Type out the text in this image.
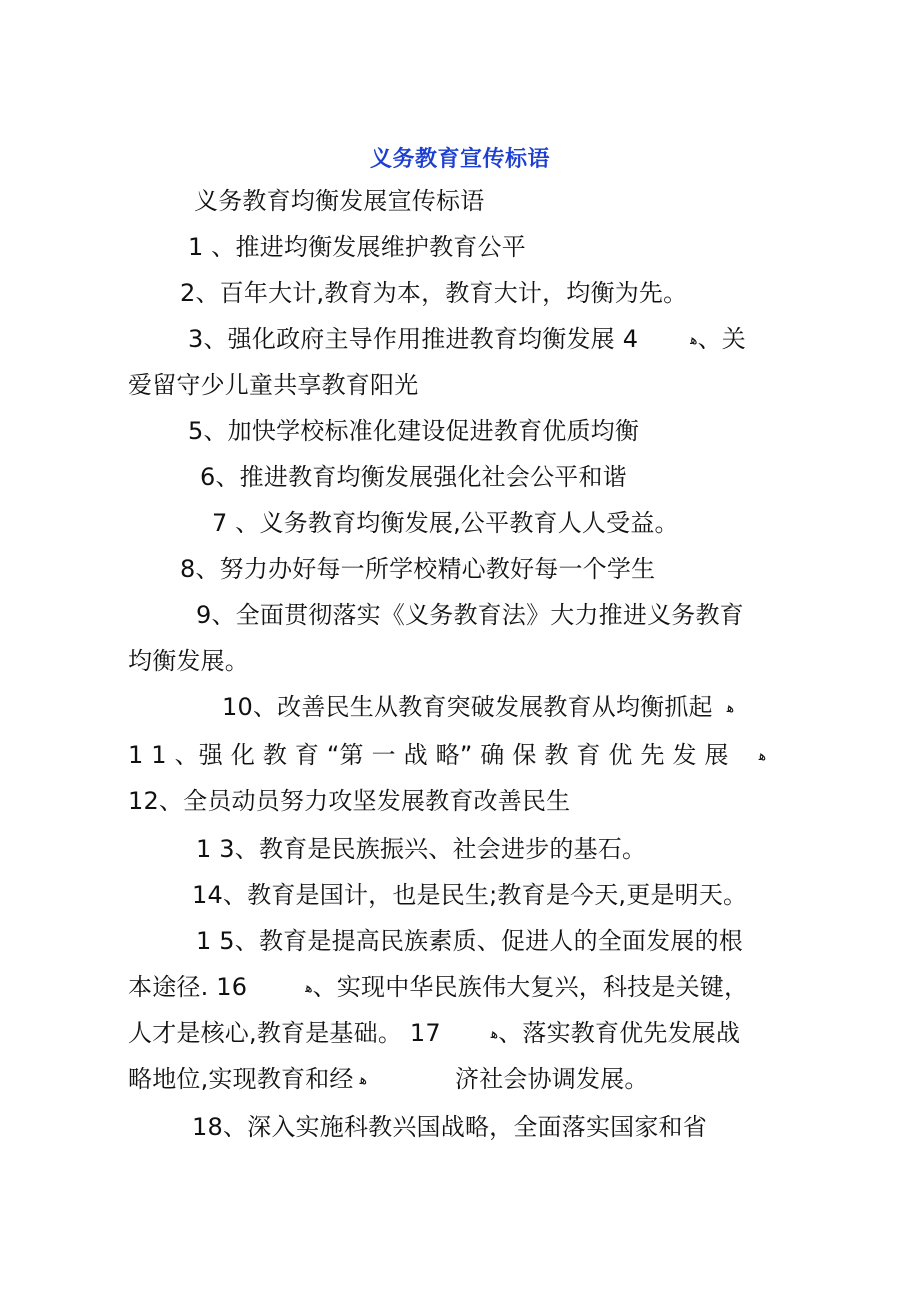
义务教育宣传标语
义务教育均衡发展宣传标语
1 、推进均衡发展维护教育公平
2、百年大计,教育为本，教育大计，均衡为先。
3、强化政府主导作用推进教育均衡发展 4	ﻫ、关
爱留守少儿童共享教育阳光
5、加快学校标准化建设促进教育优质均衡
6、推进教育均衡发展强化社会公平和谐
7 、义务教育均衡发展,公平教育人人受益。
8、努力办好每一所学校精心教好每一个学生
9、全面贯彻落实《义务教育法》大力推进义务教育
均衡发展。
10、改善民生从教育突破发展教育从均衡抓起 ﻫ
1 1 、强 化 教 育 “第 一 战 略” 确 保 教 育 优 先 发 展 ﻫ
12、全员动员努力攻坚发展教育改善民生
1 3、教育是民族振兴、社会进步的基石。
14、教育是国计，也是民生;教育是今天,更是明天。
1 5、教育是提高民族素质、促进人的全面发展的根
本途径. 16	ﻫ、实现中华民族伟大复兴，科技是关键，
人才是核心,教育是基础。 17	ﻫ、落实教育优先发展战
略地位,实现教育和经 ﻫ	济社会协调发展。
18、深入实施科教兴国战略，全面落实国家和省
